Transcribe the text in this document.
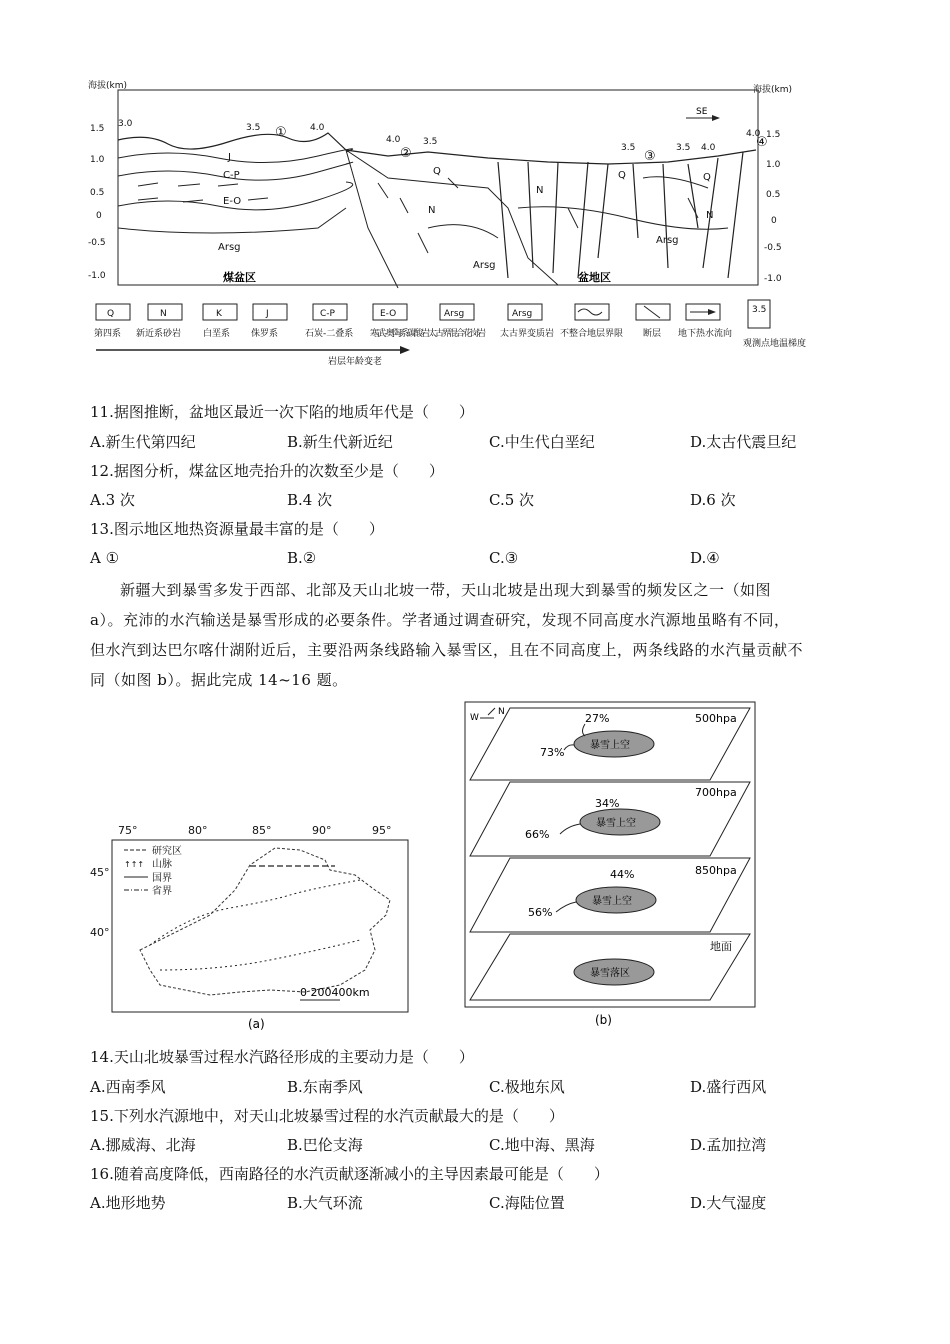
海拔(km)	海拔(km)
1.5
1.0
0.5
0
-0.5
-1.0
1.5
1.0
0.5
0
-0.5
-1.0
J
C-P
E-O
Arsg
Q
N
Arsg
N
Q
N
Arsg
Q
3.0	3.5	4.0
4.0	3.5
3.5	3.5 4.0
4.0
①
②	③
④
SE
煤盆区	盆地区
Q
第四系
N
新近系砂岩
K
白垩系
J
侏罗系
C-P
石炭-二叠系
E-O
寒武-奥陶系碳酸岩
Arsg
太古界混合花岗岩
Arsg
太古界变质岩 不整合地层界限 断层 地下热水流向
3.5
观测点地温梯度
岩层年龄变老
11.据图推断，盆地区最近一次下陷的地质年代是（　　）
A.新生代第四纪	B.新生代新近纪	C.中生代白垩纪	D.太古代震旦纪
12.据图分析，煤盆区地壳抬升的次数至少是（　　）
A.3 次	B.4 次	C.5 次	D.6 次
13.图示地区地热资源量最丰富的是（　　）
A ①	B.②	C.③	D.④
新疆大到暴雪多发于西部、北部及天山北坡一带，天山北坡是出现大到暴雪的频发区之一（如图
a）。充沛的水汽输送是暴雪形成的必要条件。学者通过调查研究，发现不同高度水汽源地虽略有不同，
但水汽到达巴尔喀什湖附近后，主要沿两条线路输入暴雪区，且在不同高度上，两条线路的水汽量贡献不
同（如图 b）。据此完成 14~16 题。
75°	80°	85°	90°	95°
45°
40°
研究区
↑↑↑ 山脉
国界
省界
0 200400km
(a)
W
N	500hpa
暴雪上空
27%
73%
700hpa
暴雪上空
34%
66%
850hpa
暴雪上空
44%
56%
地面
暴雪落区
(b)
14.天山北坡暴雪过程水汽路径形成的主要动力是（　　）
A.西南季风	B.东南季风	C.极地东风	D.盛行西风
15.下列水汽源地中，对天山北坡暴雪过程的水汽贡献最大的是（　　）
A.挪威海、北海	B.巴伦支海	C.地中海、黑海	D.孟加拉湾
16.随着高度降低，西南路径的水汽贡献逐渐减小的主导因素最可能是（　　）
A.地形地势	B.大气环流	C.海陆位置	D.大气湿度
